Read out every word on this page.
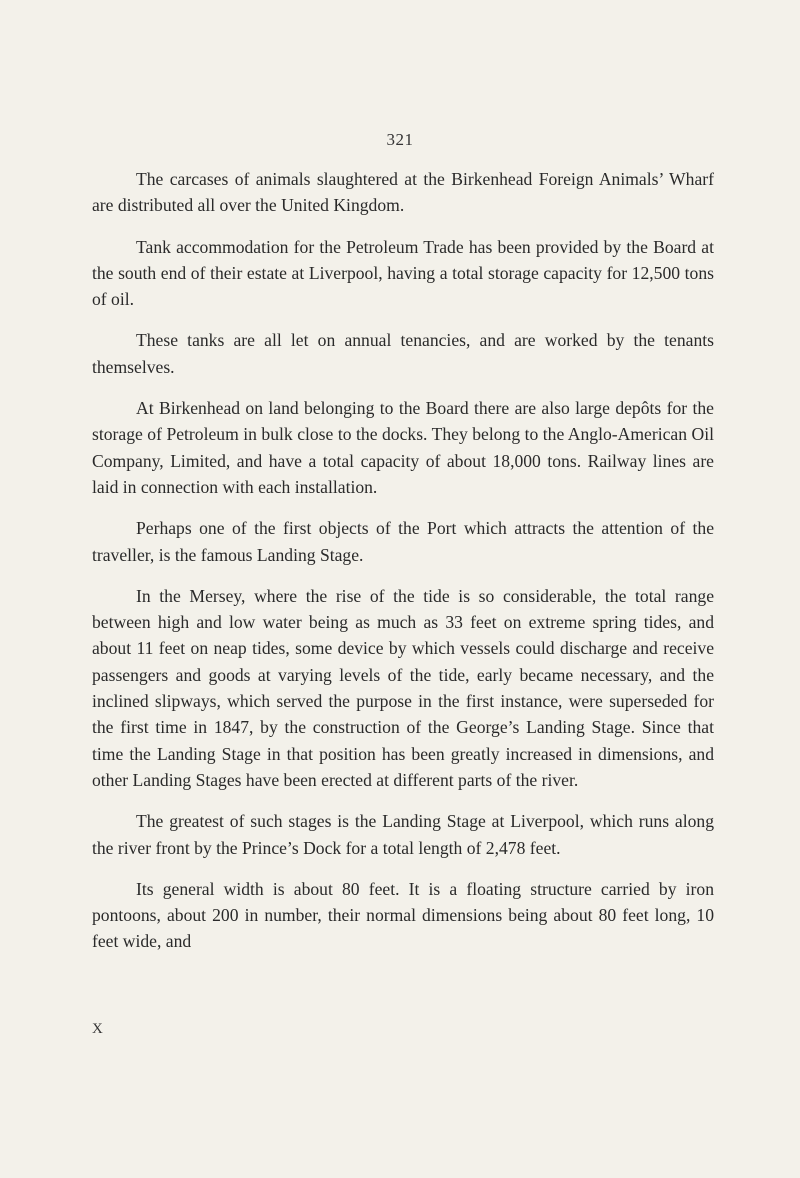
321

The carcases of animals slaughtered at the Birkenhead Foreign Animals’ Wharf are distributed all over the United Kingdom.

Tank accommodation for the Petroleum Trade has been provided by the Board at the south end of their estate at Liverpool, having a total storage capacity for 12,500 tons of oil.

These tanks are all let on annual tenancies, and are worked by the tenants themselves.

At Birkenhead on land belonging to the Board there are also large depôts for the storage of Petroleum in bulk close to the docks. They belong to the Anglo-American Oil Company, Limited, and have a total capacity of about 18,000 tons. Railway lines are laid in connection with each installation.

Perhaps one of the first objects of the Port which attracts the attention of the traveller, is the famous Landing Stage.

In the Mersey, where the rise of the tide is so considerable, the total range between high and low water being as much as 33 feet on extreme spring tides, and about 11 feet on neap tides, some device by which vessels could discharge and receive passengers and goods at varying levels of the tide, early became necessary, and the inclined slipways, which served the purpose in the first instance, were superseded for the first time in 1847, by the construction of the George’s Landing Stage. Since that time the Landing Stage in that position has been greatly increased in dimensions, and other Landing Stages have been erected at different parts of the river.

The greatest of such stages is the Landing Stage at Liverpool, which runs along the river front by the Prince’s Dock for a total length of 2,478 feet.

Its general width is about 80 feet. It is a floating structure carried by iron pontoons, about 200 in number, their normal dimensions being about 80 feet long, 10 feet wide, and

X
